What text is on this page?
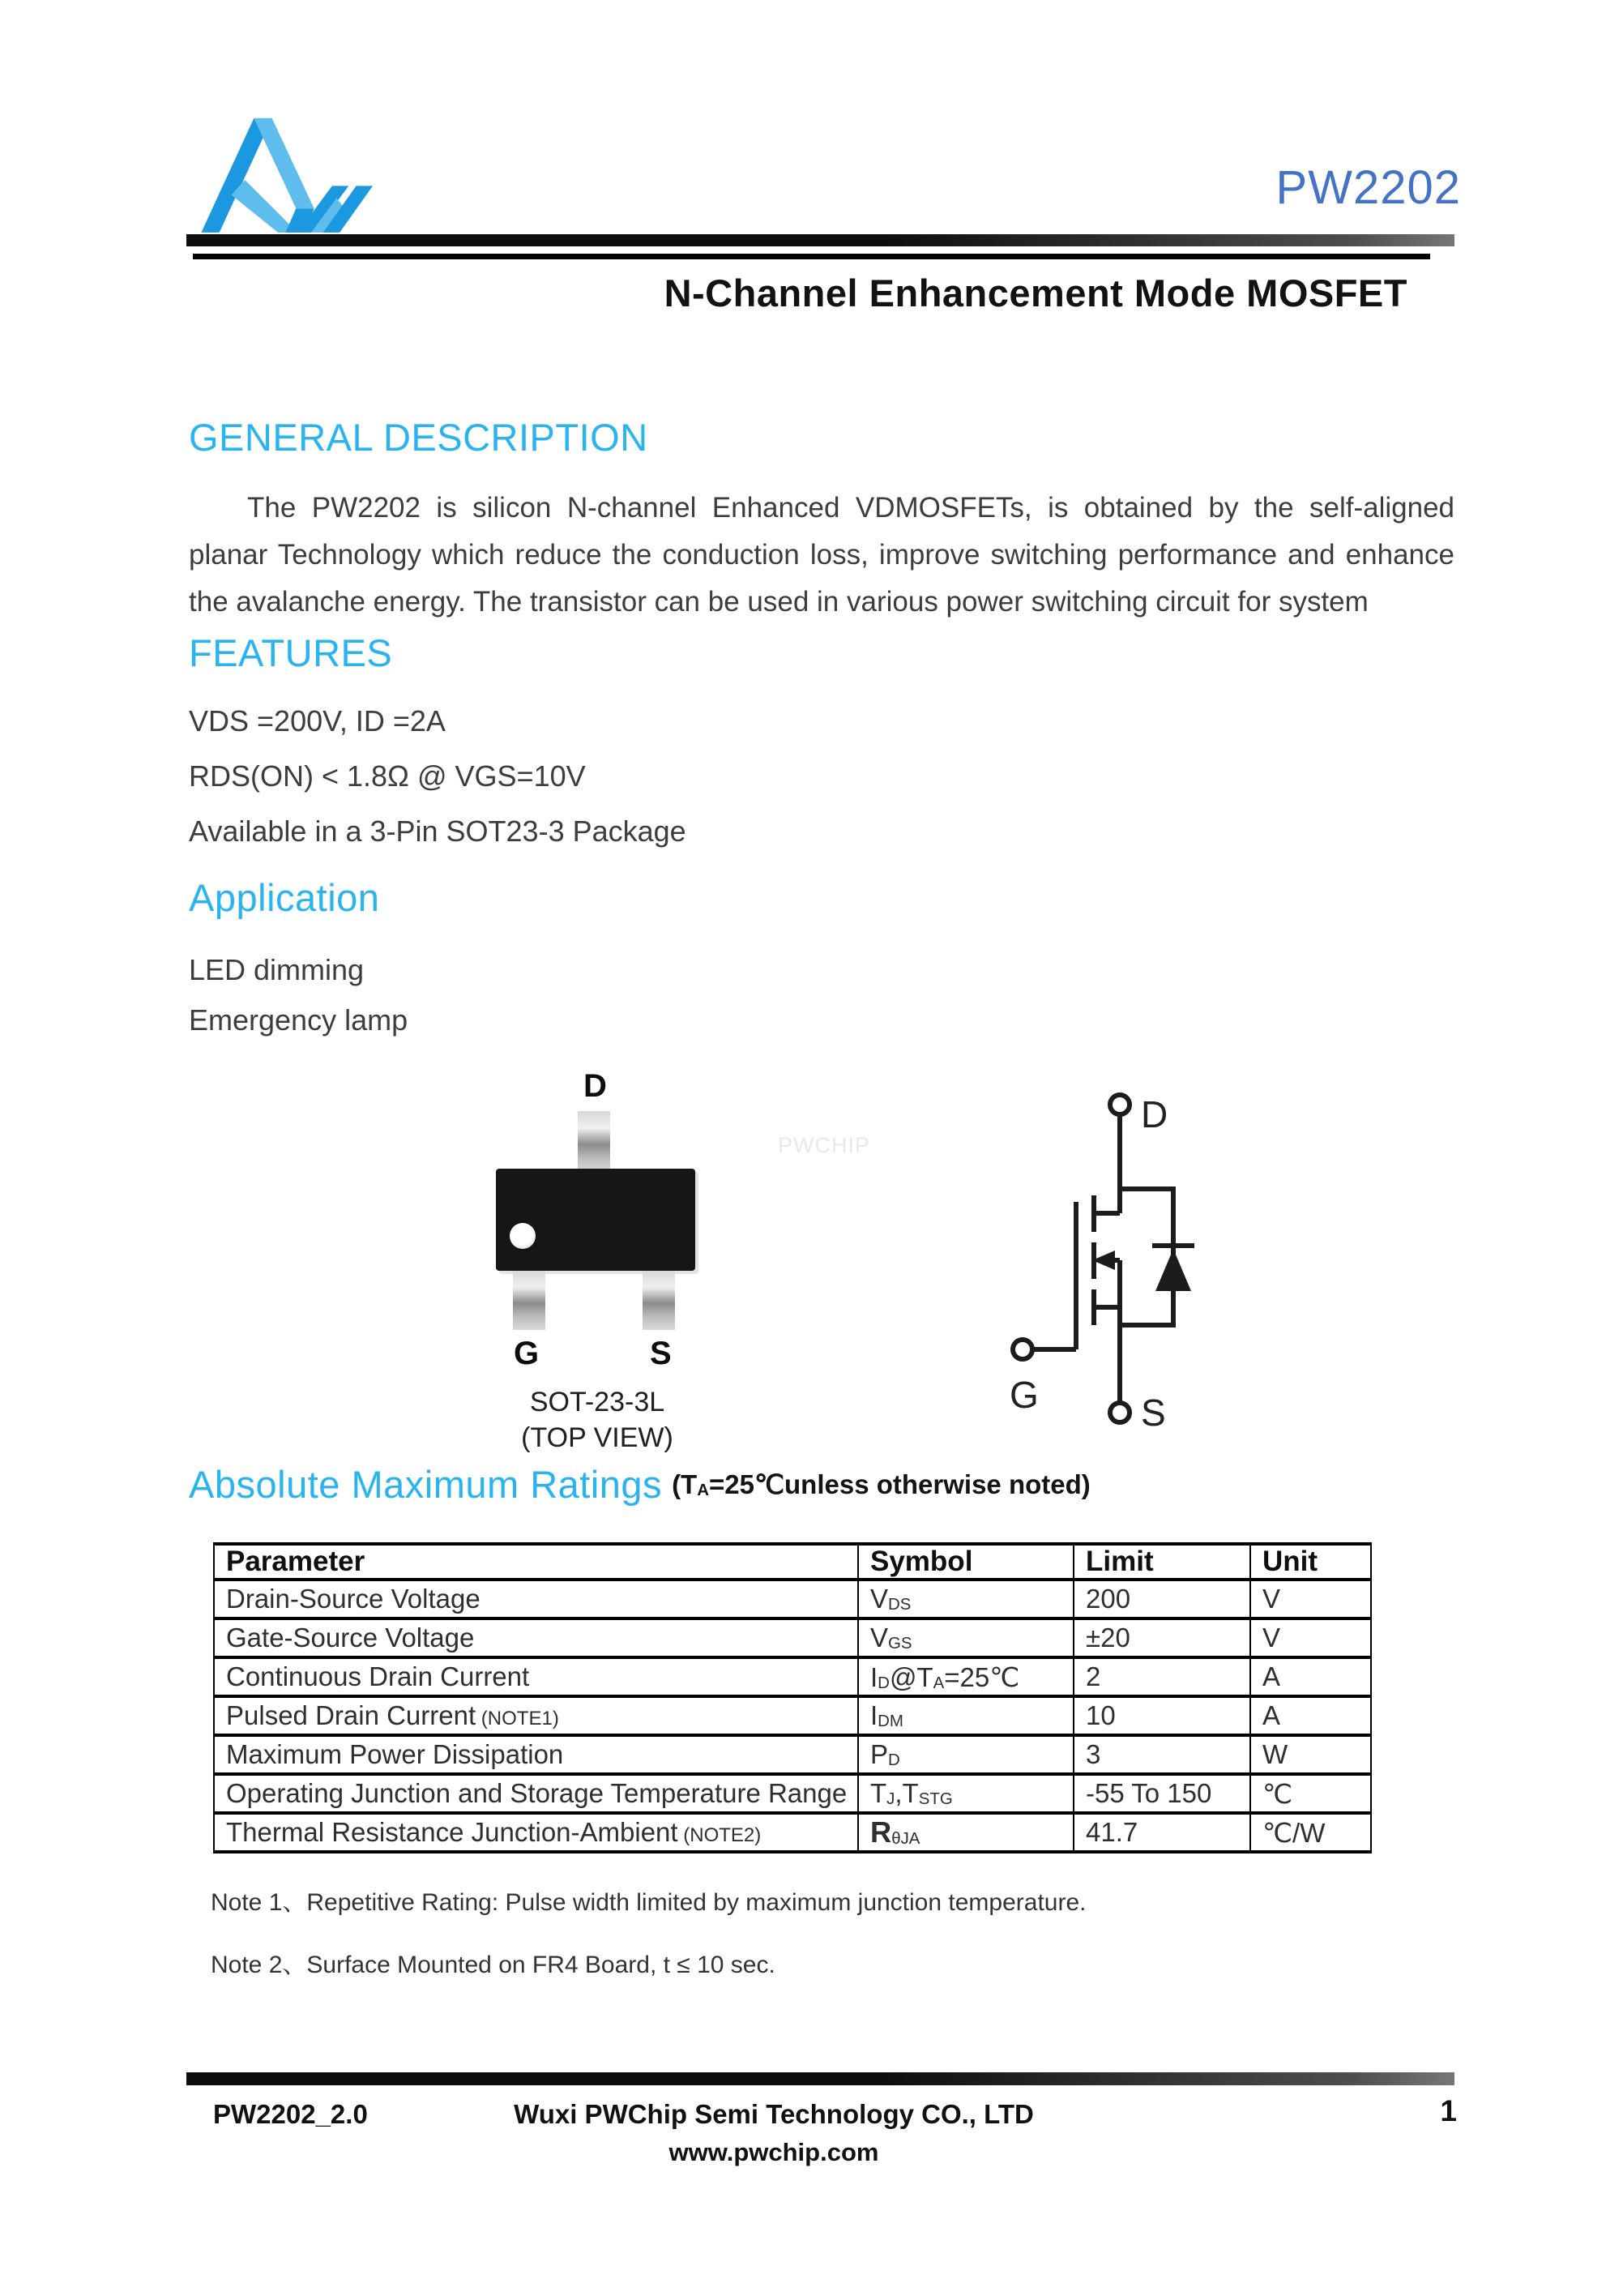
PW2202
N-Channel Enhancement Mode MOSFET
GENERAL DESCRIPTION
The PW2202 is silicon N-channel Enhanced VDMOSFETs, is obtained by the self-aligned planar Technology which reduce the conduction loss, improve switching performance and enhance the avalanche energy. The transistor can be used in various power switching circuit for system
FEATURES
VDS =200V, ID =2A
RDS(ON) < 1.8Ω @ VGS=10V
Available in a 3-Pin SOT23-3 Package
Application
LED dimming
Emergency lamp
PWCHIP
D
G	S
SOT-23-3L
(TOP VIEW)
D
G	S
Absolute Maximum Ratings (TA=25℃unless otherwise noted)
Parameter	Symbol	Limit	Unit
Drain-Source Voltage	VDS	200	V
Gate-Source Voltage	VGS	±20	V
Continuous Drain Current	ID@TA=25℃	2	A
Pulsed Drain Current (NOTE1)	IDM	10	A
Maximum Power Dissipation	PD	3	W
Operating Junction and Storage Temperature Range	TJ,TSTG	-55 To 150	℃
Thermal Resistance Junction-Ambient (NOTE2)	RθJA	41.7	℃/W
Note 1、Repetitive Rating: Pulse width limited by maximum junction temperature.
Note 2、Surface Mounted on FR4 Board, t ≤ 10 sec.
PW2202_2.0	Wuxi PWChip Semi Technology CO., LTD	1
www.pwchip.com
